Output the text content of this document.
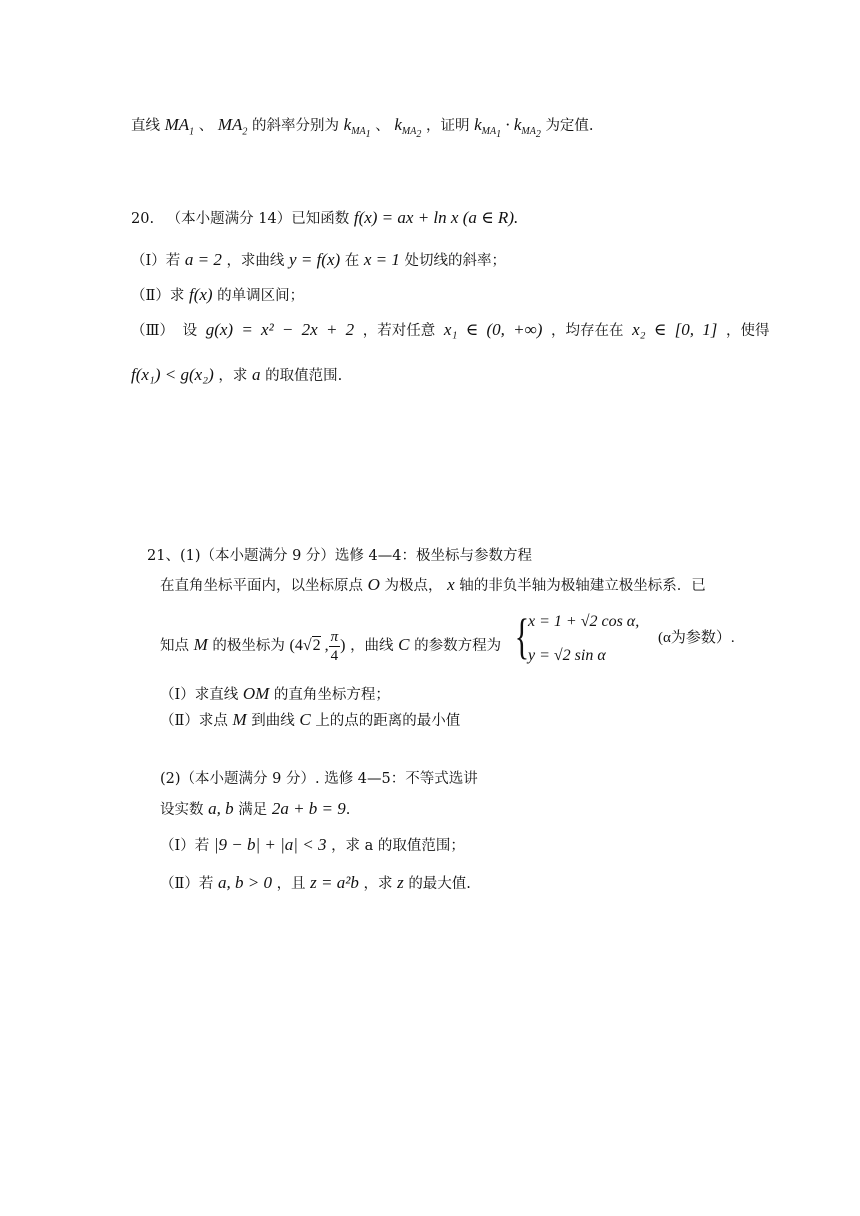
直线 $MA_1$ 、 $MA_2$ 的斜率分别为 $k_{MA_1}$ 、 $k_{MA_2}$ ，证明 $k_{MA_1} \cdot k_{MA_2}$ 为定值.
20. （本小题满分 14）已知函数 f(x) = ax + ln x (a ∈ R).
（Ⅰ）若 a = 2 ，求曲线 y = f(x) 在 x = 1 处切线的斜率；
（Ⅱ）求 f(x) 的单调区间；
（Ⅲ） 设 g(x) = x² − 2x + 2 ，若对任意 x₁ ∈ (0, +∞) ，均存在在 x₂ ∈ [0, 1] ，使得
f(x₁) < g(x₂) ，求 a 的取值范围.
21、(1)（本小题满分 9 分）选修 4—4：极坐标与参数方程
在直角坐标平面内，以坐标原点 O 为极点， x 轴的非负半轴为极轴建立极坐标系．已
知点 M 的极坐标为 (4√2 , $\frac{\pi}{4}$ ) ，曲线 C 的参数方程为 {
x = 1 + √2 cos α,
y = √2 sin α
(α为参数）.
（Ⅰ）求直线 OM 的直角坐标方程；
（Ⅱ）求点 M 到曲线 C 上的点的距离的最小值
(2)（本小题满分 9 分）. 选修 4—5：不等式选讲
设实数 a, b 满足 2a + b = 9.
（Ⅰ）若 |9 − b| + |a| < 3 ，求 a 的取值范围；
（Ⅱ）若 a, b > 0 ，且 z = a²b ，求 z 的最大值.
